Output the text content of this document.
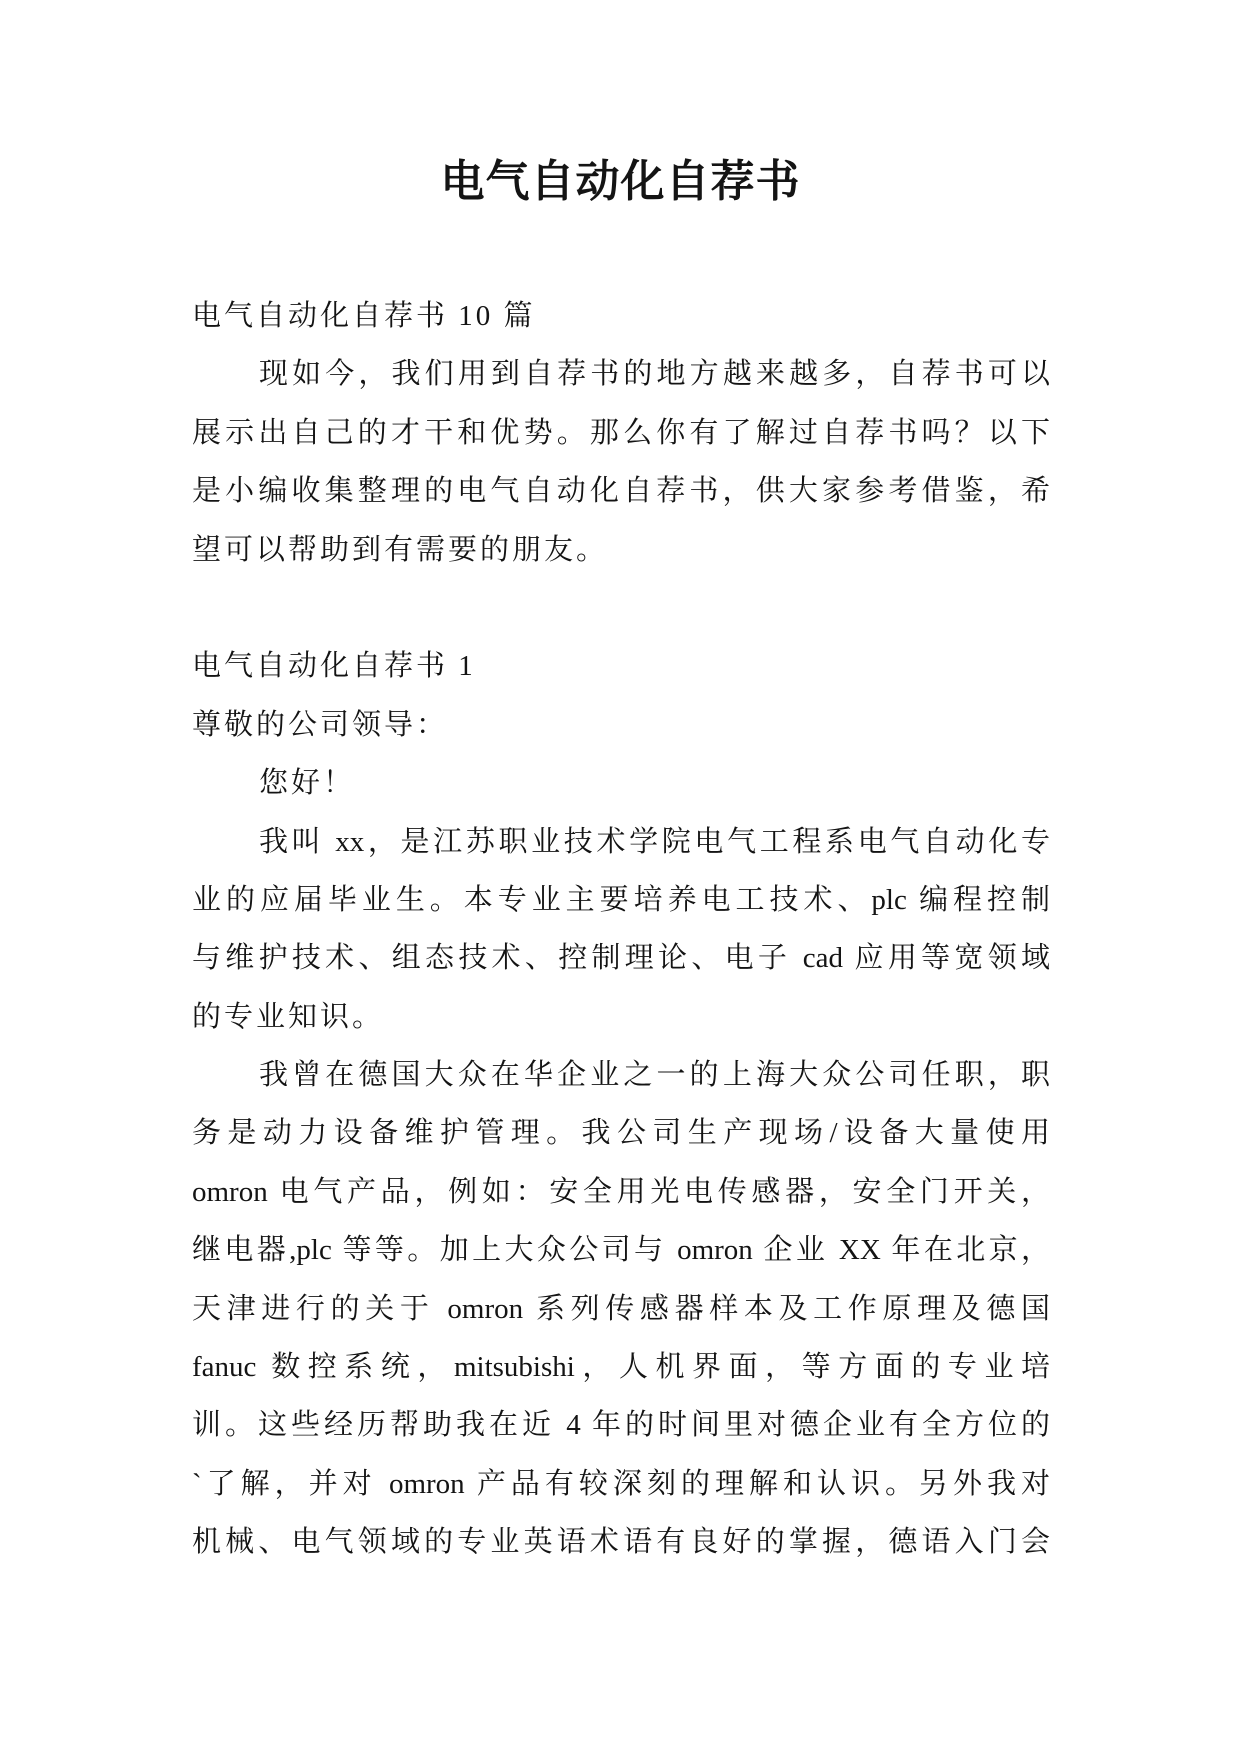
电气自动化自荐书
电气自动化自荐书 10 篇
现如今，我们用到自荐书的地方越来越多，自荐书可以
展示出自己的才干和优势。那么你有了解过自荐书吗？以下
是小编收集整理的电气自动化自荐书，供大家参考借鉴，希
望可以帮助到有需要的朋友。
电气自动化自荐书 1
尊敬的公司领导：
您好！
我叫 xx，是江苏职业技术学院电气工程系电气自动化专
业的应届毕业生。本专业主要培养电工技术、plc 编程控制
与维护技术、组态技术、控制理论、电子 cad 应用等宽领域
的专业知识。
我曾在德国大众在华企业之一的上海大众公司任职，职
务是动力设备维护管理。我公司生产现场/设备大量使用
omron 电气产品，例如：安全用光电传感器，安全门开关，
继电器,plc 等等。加上大众公司与 omron 企业 XX 年在北京，
天津进行的关于 omron 系列传感器样本及工作原理及德国
fanuc 数控系统，mitsubishi，人机界面，等方面的专业培
训。这些经历帮助我在近 4 年的时间里对德企业有全方位的
`了解，并对 omron 产品有较深刻的理解和认识。另外我对
机械、电气领域的专业英语术语有良好的掌握，德语入门会
